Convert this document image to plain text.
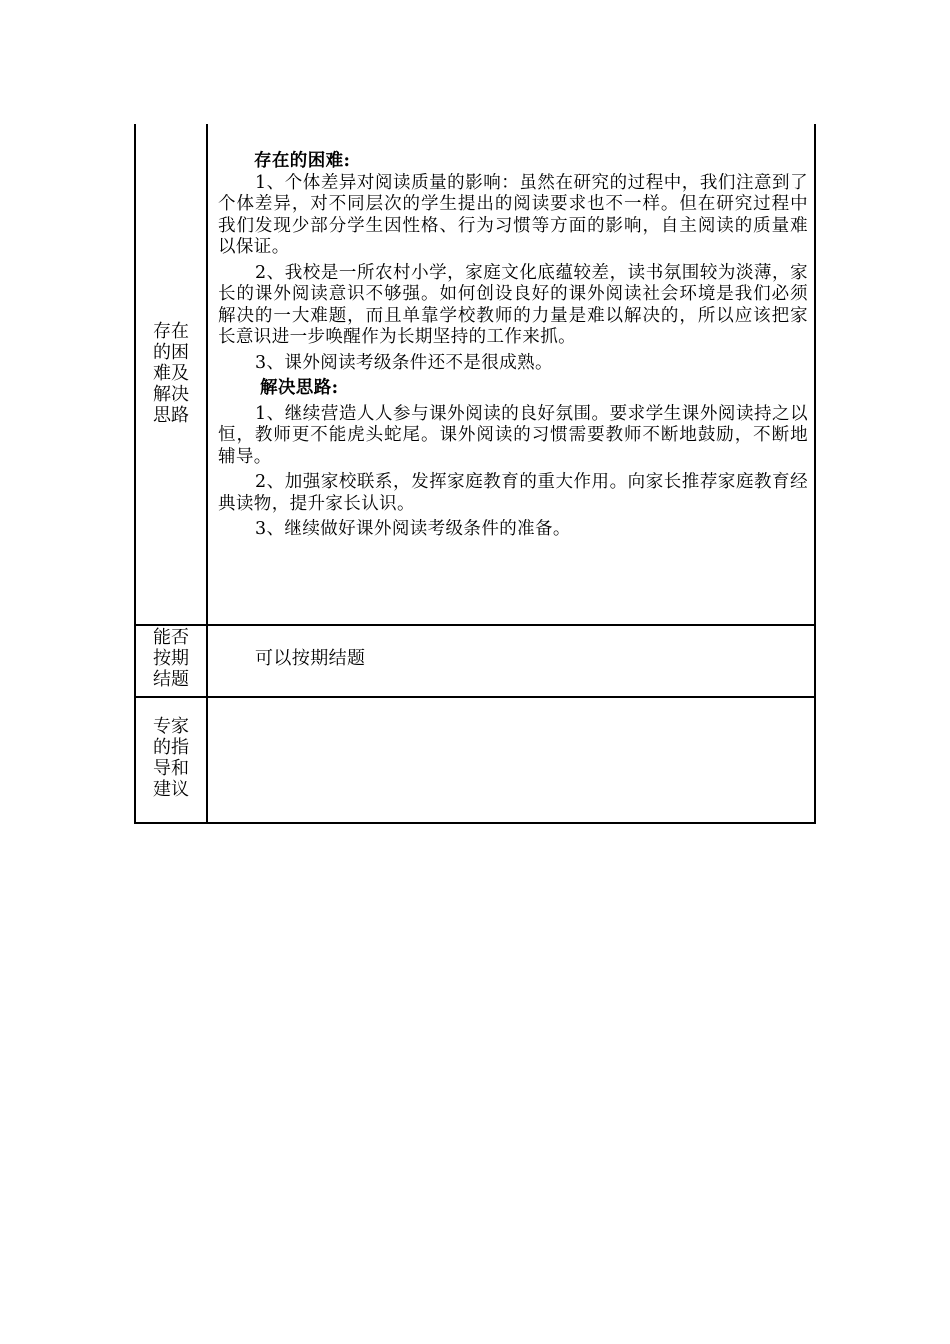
存在的困难及解决思路
存在的困难:

1、个体差异对阅读质量的影响：虽然在研究的过程中，我们注意到了个体差异，对不同层次的学生提出的阅读要求也不一样。但在研究过程中我们发现少部分学生因性格、行为习惯等方面的影响，自主阅读的质量难以保证。

2、我校是一所农村小学，家庭文化底蕴较差，读书氛围较为淡薄，家长的课外阅读意识不够强。如何创设良好的课外阅读社会环境是我们必须解决的一大难题，而且单靠学校教师的力量是难以解决的，所以应该把家长意识进一步唤醒作为长期坚持的工作来抓。

3、课外阅读考级条件还不是很成熟。

解决思路:

1、继续营造人人参与课外阅读的良好氛围。要求学生课外阅读持之以恒，教师更不能虎头蛇尾。课外阅读的习惯需要教师不断地鼓励，不断地辅导。

2、加强家校联系，发挥家庭教育的重大作用。向家长推荐家庭教育经典读物，提升家长认识。

3、继续做好课外阅读考级条件的准备。

能否按期结题
可以按期结题
专家的指导和建议
